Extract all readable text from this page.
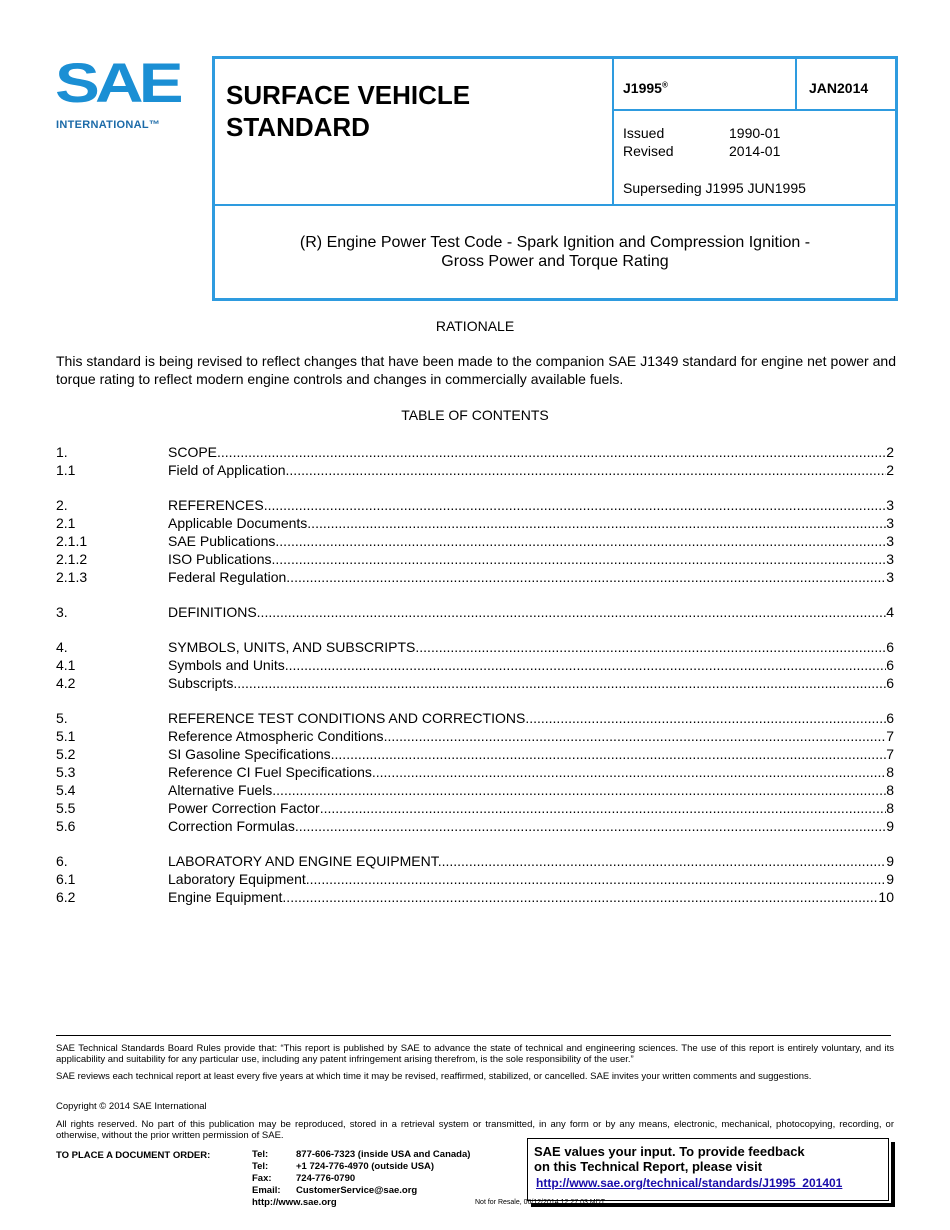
SAE
INTERNATIONAL™
SURFACE VEHICLE
STANDARD
J1995®	JAN2014
Issued	1990-01
Revised	2014-01
Superseding J1995 JUN1995
(R) Engine Power Test Code - Spark Ignition and Compression Ignition -
Gross Power and Torque Rating
RATIONALE
This standard is being revised to reflect changes that have been made to the companion SAE J1349 standard for engine net power and torque rating to reflect modern engine controls and changes in commercially available fuels.
TABLE OF CONTENTS
1.	SCOPE .....	2
1.1	Field of Application .....	2
2.	REFERENCES .....	3
2.1	Applicable Documents .....	3
2.1.1	SAE Publications .....	3
2.1.2	ISO Publications .....	3
2.1.3	Federal Regulation .....	3
3.	DEFINITIONS .....	4
4.	SYMBOLS, UNITS, AND SUBSCRIPTS .....	6
4.1	Symbols and Units .....	6
4.2	Subscripts .....	6
5.	REFERENCE TEST CONDITIONS AND CORRECTIONS .....	6
5.1	Reference Atmospheric Conditions .....	7
5.2	SI Gasoline Specifications .....	7
5.3	Reference CI Fuel Specifications .....	8
5.4	Alternative Fuels .....	8
5.5	Power Correction Factor .....	8
5.6	Correction Formulas .....	9
6.	LABORATORY AND ENGINE EQUIPMENT. .....	9
6.1	Laboratory Equipment .....	9
6.2	Engine Equipment .....	10
SAE Technical Standards Board Rules provide that: “This report is published by SAE to advance the state of technical and engineering sciences. The use of this report is entirely voluntary, and its applicability and suitability for any particular use, including any patent infringement arising therefrom, is the sole responsibility of the user.”
SAE reviews each technical report at least every five years at which time it may be revised, reaffirmed, stabilized, or cancelled. SAE invites your written comments and suggestions.
Copyright © 2014 SAE International
All rights reserved. No part of this publication may be reproduced, stored in a retrieval system or transmitted, in any form or by any means, electronic, mechanical, photocopying, recording, or otherwise, without the prior written permission of SAE.
TO PLACE A DOCUMENT ORDER:	Tel:	877-606-7323 (inside USA and Canada)
Tel:	+1 724-776-4970 (outside USA)
Fax:	724-776-0790
Email: CustomerService@sae.org
http://www.sae.org
SAE values your input. To provide feedback
on this Technical Report, please visit
http://www.sae.org/technical/standards/J1995_201401
Not for Resale, 06/12/2014 12:27:03 MDT
